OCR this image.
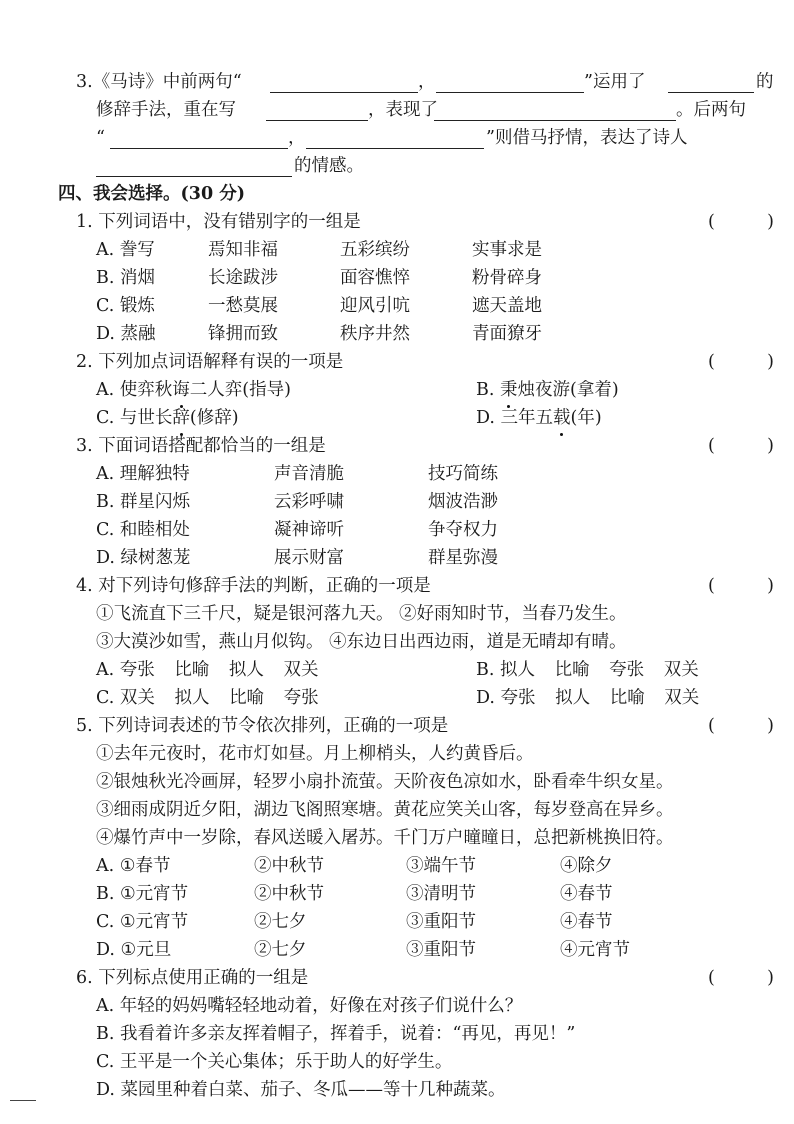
3.《马诗》中前两句“	，	”运用了	的
修辞手法，重在写	，表现了	。后两句
“	，	”则借马抒情，表达了诗人
的情感。
四、我会选择。(30 分)
1. 下列词语中，没有错别字的一组是	(	)
A. 誊写	焉知非福	五彩缤纷	实事求是
B. 消烟	长途跋涉	面容憔悴	粉骨碎身
C. 锻炼	一愁莫展	迎风引吭	遮天盖地
D. 蒸融	锋拥而致	秩序井然	青面獠牙
2. 下列加点词语解释有误的一项是	(	)
A. 使弈秋诲二人弈(指导)	B. 秉烛夜游(拿着)
C. 与世长辞(修辞)	D. 三年五载(年)
3. 下面词语搭配都恰当的一组是	(	)
A. 理解独特	声音清脆	技巧简练
B. 群星闪烁	云彩呼啸	烟波浩渺
C. 和睦相处	凝神谛听	争夺权力
D. 绿树葱茏	展示财富	群星弥漫
4. 对下列诗句修辞手法的判断，正确的一项是	(	)
①飞流直下三千尺，疑是银河落九天。 ②好雨知时节，当春乃发生。
③大漠沙如雪，燕山月似钩。 ④东边日出西边雨，道是无晴却有晴。
A. 夸张 比喻 拟人 双关	B. 拟人 比喻 夸张 双关
C. 双关 拟人 比喻 夸张	D. 夸张 拟人 比喻 双关
5. 下列诗词表述的节令依次排列，正确的一项是	(	)
①去年元夜时，花市灯如昼。月上柳梢头，人约黄昏后。
②银烛秋光冷画屏，轻罗小扇扑流萤。天阶夜色凉如水，卧看牵牛织女星。
③细雨成阴近夕阳，湖边飞阁照寒塘。黄花应笑关山客，每岁登高在异乡。
④爆竹声中一岁除，春风送暖入屠苏。千门万户曈曈日，总把新桃换旧符。
A. ①春节	②中秋节	③端午节	④除夕
B. ①元宵节	②中秋节	③清明节	④春节
C. ①元宵节	②七夕	③重阳节	④春节
D. ①元旦	②七夕	③重阳节	④元宵节
6. 下列标点使用正确的一组是	(	)
A. 年轻的妈妈嘴轻轻地动着，好像在对孩子们说什么？
B. 我看着许多亲友挥着帽子，挥着手，说着：“再见，再见！”
C. 王平是一个关心集体；乐于助人的好学生。
D. 菜园里种着白菜、茄子、冬瓜——等十几种蔬菜。
